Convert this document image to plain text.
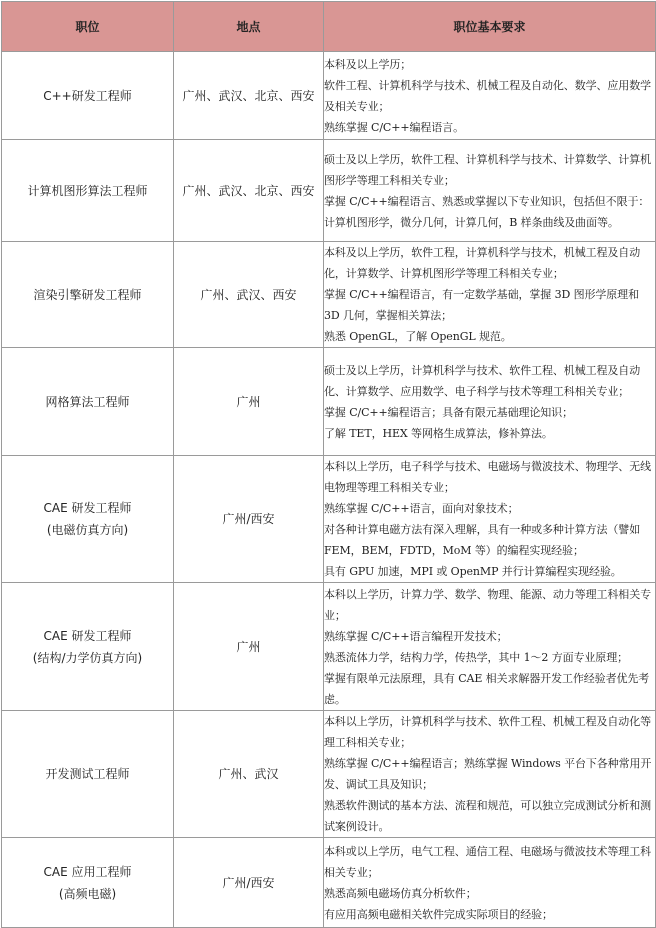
职位	地点	职位基本要求

C++研发工程师	广州、武汉、北京、西安	本科及以上学历；
软件工程、计算机科学与技术、机械工程及自动化、数学、应用数学及相关专业；
熟练掌握 C/C++编程语言。

计算机图形算法工程师	广州、武汉、北京、西安	硕士及以上学历，软件工程、计算机科学与技术、计算数学、计算机图形学等理工科相关专业；
掌握 C/C++编程语言、熟悉或掌握以下专业知识，包括但不限于： 计算机图形学，微分几何，计算几何，B 样条曲线及曲面等。

渲染引擎研发工程师	广州、武汉、西安	本科及以上学历，软件工程，计算机科学与技术，机械工程及自动化，计算数学、计算机图形学等理工科相关专业；
掌握 C/C++编程语言，有一定数学基础，掌握 3D 图形学原理和 3D 几何，掌握相关算法；
熟悉 OpenGL，了解 OpenGL 规范。

网格算法工程师	广州	硕士及以上学历，计算机科学与技术、软件工程、机械工程及自动化、计算数学、应用数学、电子科学与技术等理工科相关专业；
掌握 C/C++编程语言；具备有限元基础理论知识；
了解 TET，HEX 等网格生成算法，修补算法。

CAE 研发工程师
(电磁仿真方向)	广州/西安	本科以上学历，电子科学与技术、电磁场与微波技术、物理学、无线电物理等理工科相关专业；
熟练掌握 C/C++语言，面向对象技术；
对各种计算电磁方法有深入理解，具有一种或多种计算方法（譬如 FEM，BEM，FDTD，MoM 等）的编程实现经验；
具有 GPU 加速，MPI 或 OpenMP 并行计算编程实现经验。

CAE 研发工程师
(结构/力学仿真方向)	广州	本科以上学历，计算力学、数学、物理、能源、动力等理工科相关专业；
熟练掌握 C/C++语言编程开发技术；
熟悉流体力学，结构力学，传热学，其中 1～2 方面专业原理；
掌握有限单元法原理，具有 CAE 相关求解器开发工作经验者优先考虑。

开发测试工程师	广州、武汉	本科以上学历，计算机科学与技术、软件工程、机械工程及自动化等理工科相关专业；
熟练掌握 C/C++编程语言；熟练掌握 Windows 平台下各种常用开发、调试工具及知识；
熟悉软件测试的基本方法、流程和规范，可以独立完成测试分析和测试案例设计。

CAE 应用工程师
(高频电磁)	广州/西安	本科或以上学历，电气工程、通信工程、电磁场与微波技术等理工科相关专业；
熟悉高频电磁场仿真分析软件；
有应用高频电磁相关软件完成实际项目的经验；
